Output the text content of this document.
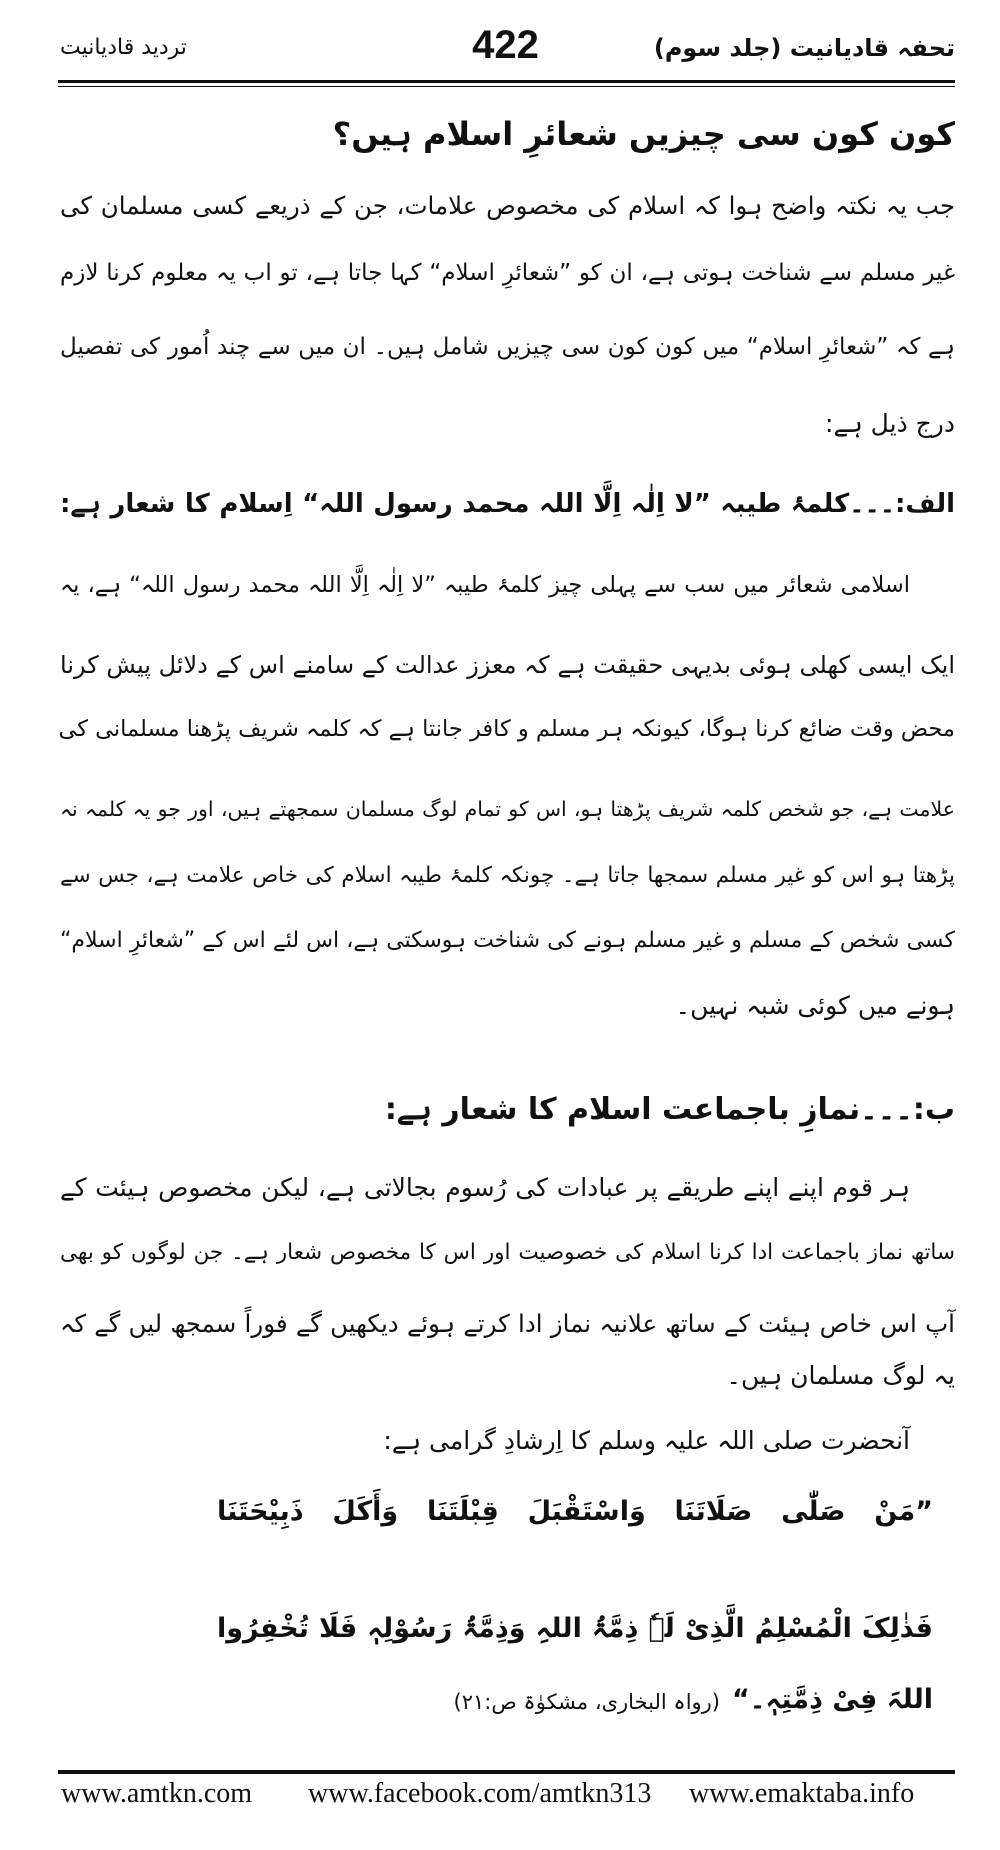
تحفہ قادیانیت (جلد سوم)
422
تردید قادیانیت
کون کون سی چیزیں شعائرِ اسلام ہیں؟
جب یہ نکتہ واضح ہوا کہ اسلام کی مخصوص علامات، جن کے ذریعے کسی مسلمان کی
غیر مسلم سے شناخت ہوتی ہے، ان کو ”شعائرِ اسلام“ کہا جاتا ہے، تو اب یہ معلوم کرنا لازم
ہے کہ ”شعائرِ اسلام“ میں کون کون سی چیزیں شامل ہیں۔ ان میں سے چند اُمور کی تفصیل
درج ذیل ہے:
الف:۔۔۔کلمۂ طیبہ ”لا اِلٰہ اِلَّا اللہ محمد رسول اللہ“ اِسلام کا شعار ہے:
اسلامی شعائر میں سب سے پہلی چیز کلمۂ طیبہ ”لا اِلٰہ اِلَّا اللہ محمد رسول اللہ“ ہے، یہ
ایک ایسی کھلی ہوئی بدیہی حقیقت ہے کہ معزز عدالت کے سامنے اس کے دلائل پیش کرنا
محض وقت ضائع کرنا ہوگا، کیونکہ ہر مسلم و کافر جانتا ہے کہ کلمہ شریف پڑھنا مسلمانی کی
علامت ہے، جو شخص کلمہ شریف پڑھتا ہو، اس کو تمام لوگ مسلمان سمجھتے ہیں، اور جو یہ کلمہ نہ
پڑھتا ہو اس کو غیر مسلم سمجھا جاتا ہے۔ چونکہ کلمۂ طیبہ اسلام کی خاص علامت ہے، جس سے
کسی شخص کے مسلم و غیر مسلم ہونے کی شناخت ہوسکتی ہے، اس لئے اس کے ”شعائرِ اسلام“
ہونے میں کوئی شبہ نہیں۔
ب:۔۔۔نمازِ باجماعت اسلام کا شعار ہے:
ہر قوم اپنے اپنے طریقے پر عبادات کی رُسوم بجالاتی ہے، لیکن مخصوص ہیئت کے
ساتھ نماز باجماعت ادا کرنا اسلام کی خصوصیت اور اس کا مخصوص شعار ہے۔ جن لوگوں کو بھی
آپ اس خاص ہیئت کے ساتھ علانیہ نماز ادا کرتے ہوئے دیکھیں گے فوراً سمجھ لیں گے کہ
یہ لوگ مسلمان ہیں۔
آنحضرت صلی اللہ علیہ وسلم کا اِرشادِ گرامی ہے:
”مَنْ صَلّٰی صَلَاتَنَا وَاسْتَقْبَلَ قِبْلَتَنَا وَأَکَلَ ذَبِیْحَتَنَا
فَذٰلِکَ الْمُسْلِمُ الَّذِیْ لَہٗ ذِمَّۃُ اللہِ وَذِمَّۃُ رَسُوْلِہٖ فَلَا تُخْفِرُوا
اللہَ فِیْ ذِمَّتِہٖ۔“
(رواہ البخاری، مشکوٰۃ ص:۲۱)
www.amtkn.com www.facebook.com/amtkn313 www.emaktaba.info
